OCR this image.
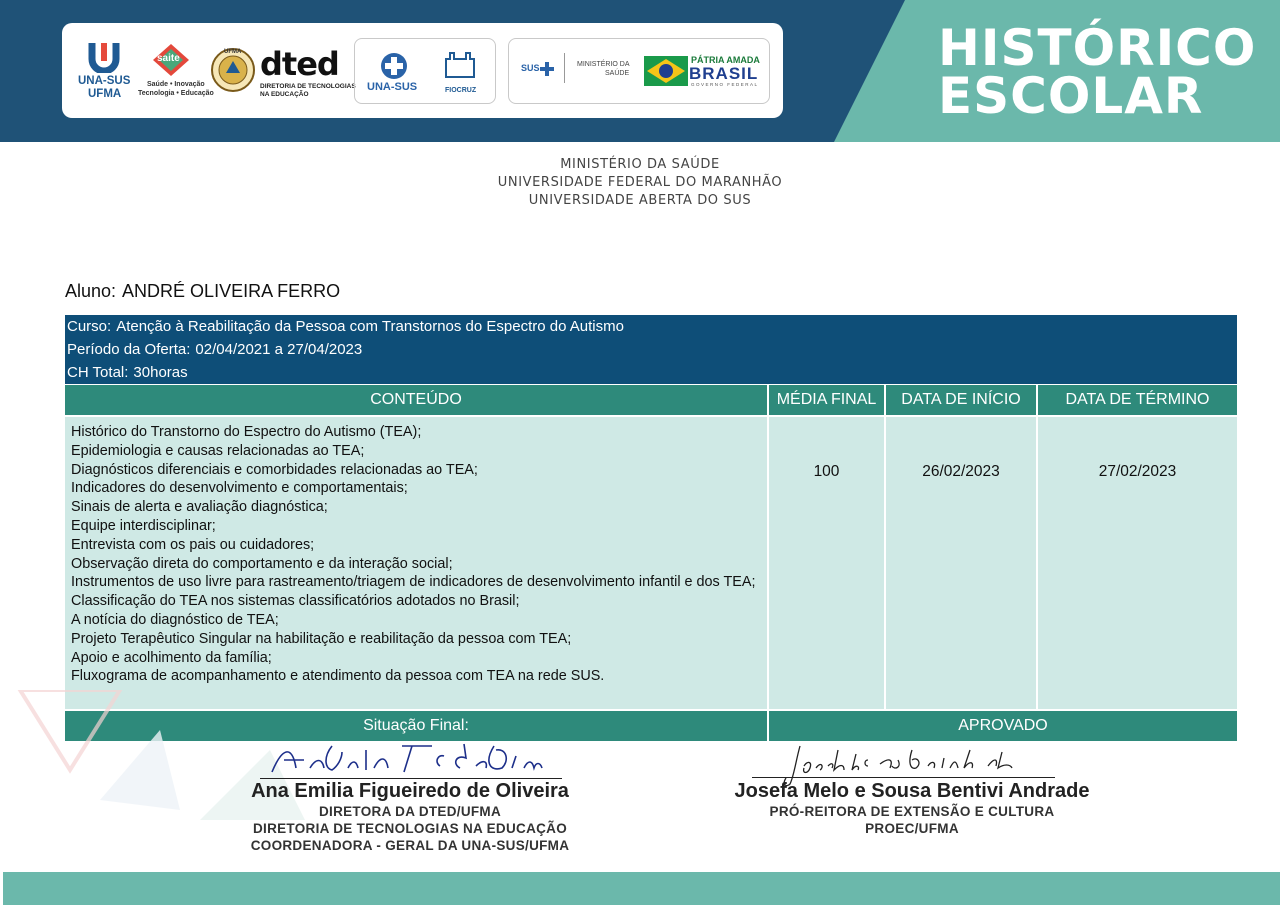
HISTÓRICO
ESCOLAR
UNA-SUS
UFMA
saite
Saúde • Inovação
Tecnologia • Educação
UFMA dted
DIRETORIA DE TECNOLOGIAS
NA EDUCAÇÃO
UNA-SUS	FIOCRUZ
SUS	MINISTÉRIO DA
SAÚDE
PÁTRIA AMADA
BRASIL
GOVERNO FEDERAL
MINISTÉRIO DA SAÚDE
UNIVERSIDADE FEDERAL DO MARANHÃO
UNIVERSIDADE ABERTA DO SUS
Aluno: ANDRÉ OLIVEIRA FERRO
Curso: Atenção à Reabilitação da Pessoa com Transtornos do Espectro do Autismo
Período da Oferta: 02/04/2021 a 27/04/2023
CH Total: 30horas
CONTEÚDO	MÉDIA FINAL	DATA DE INÍCIO	DATA DE TÉRMINO
Histórico do Transtorno do Espectro do Autismo (TEA);
Epidemiologia e causas relacionadas ao TEA;
Diagnósticos diferenciais e comorbidades relacionadas ao TEA;
Indicadores do desenvolvimento e comportamentais;
Sinais de alerta e avaliação diagnóstica;
Equipe interdisciplinar;
Entrevista com os pais ou cuidadores;
Observação direta do comportamento e da interação social;
Instrumentos de uso livre para rastreamento/triagem de indicadores de desenvolvimento infantil e dos TEA;
Classificação do TEA nos sistemas classificatórios adotados no Brasil;
A notícia do diagnóstico de TEA;
Projeto Terapêutico Singular na habilitação e reabilitação da pessoa com TEA;
Apoio e acolhimento da família;
Fluxograma de acompanhamento e atendimento da pessoa com TEA na rede SUS.
100	26/02/2023	27/02/2023
Situação Final:	APROVADO
Ana Emilia Figueiredo de Oliveira
DIRETORA DA DTED/UFMA
DIRETORIA DE TECNOLOGIAS NA EDUCAÇÃO
COORDENADORA - GERAL DA UNA-SUS/UFMA
Josefa Melo e Sousa Bentivi Andrade
PRÓ-REITORA DE EXTENSÃO E CULTURA
PROEC/UFMA
